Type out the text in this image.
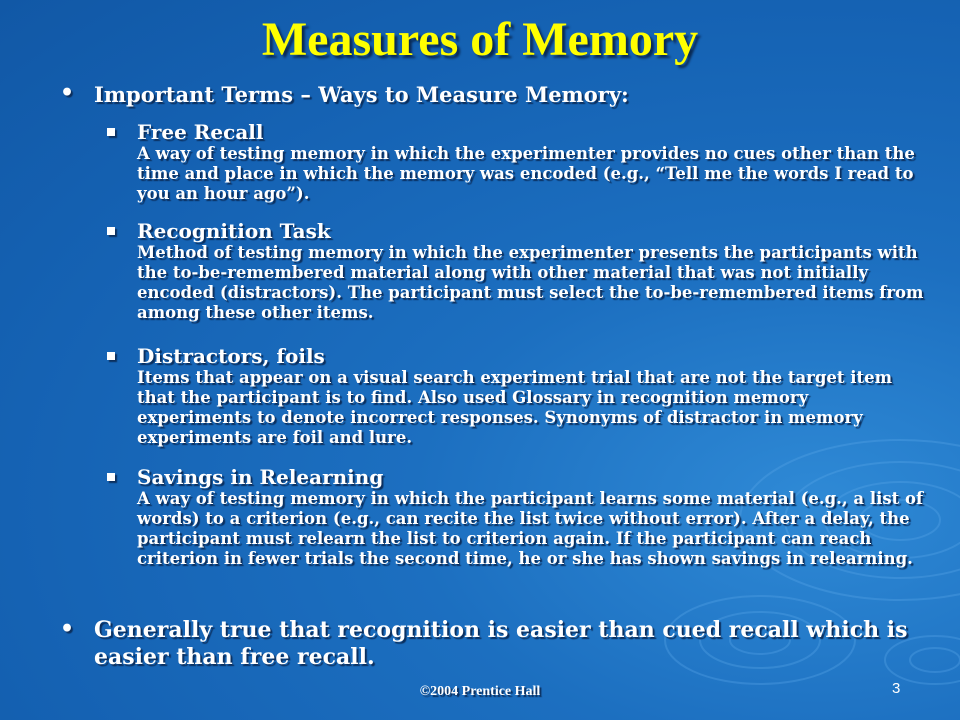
Measures of Memory
• Important Terms – Ways to Measure Memory:
Free Recall
A way of testing memory in which the experimenter provides no cues other than the time and place in which the memory was encoded (e.g., “Tell me the words I read to you an hour ago”).
Recognition Task
Method of testing memory in which the experimenter presents the participants with the to-be-remembered material along with other material that was not initially encoded (distractors). The participant must select the to-be-remembered items from among these other items.
Distractors, foils
Items that appear on a visual search experiment trial that are not the target item that the participant is to find. Also used Glossary in recognition memory experiments to denote incorrect responses. Synonyms of distractor in memory experiments are foil and lure.
Savings in Relearning
A way of testing memory in which the participant learns some material (e.g., a list of words) to a criterion (e.g., can recite the list twice without error). After a delay, the participant must relearn the list to criterion again. If the participant can reach criterion in fewer trials the second time, he or she has shown savings in relearning.
• Generally true that recognition is easier than cued recall which is easier than free recall.
©2004 Prentice Hall	3
